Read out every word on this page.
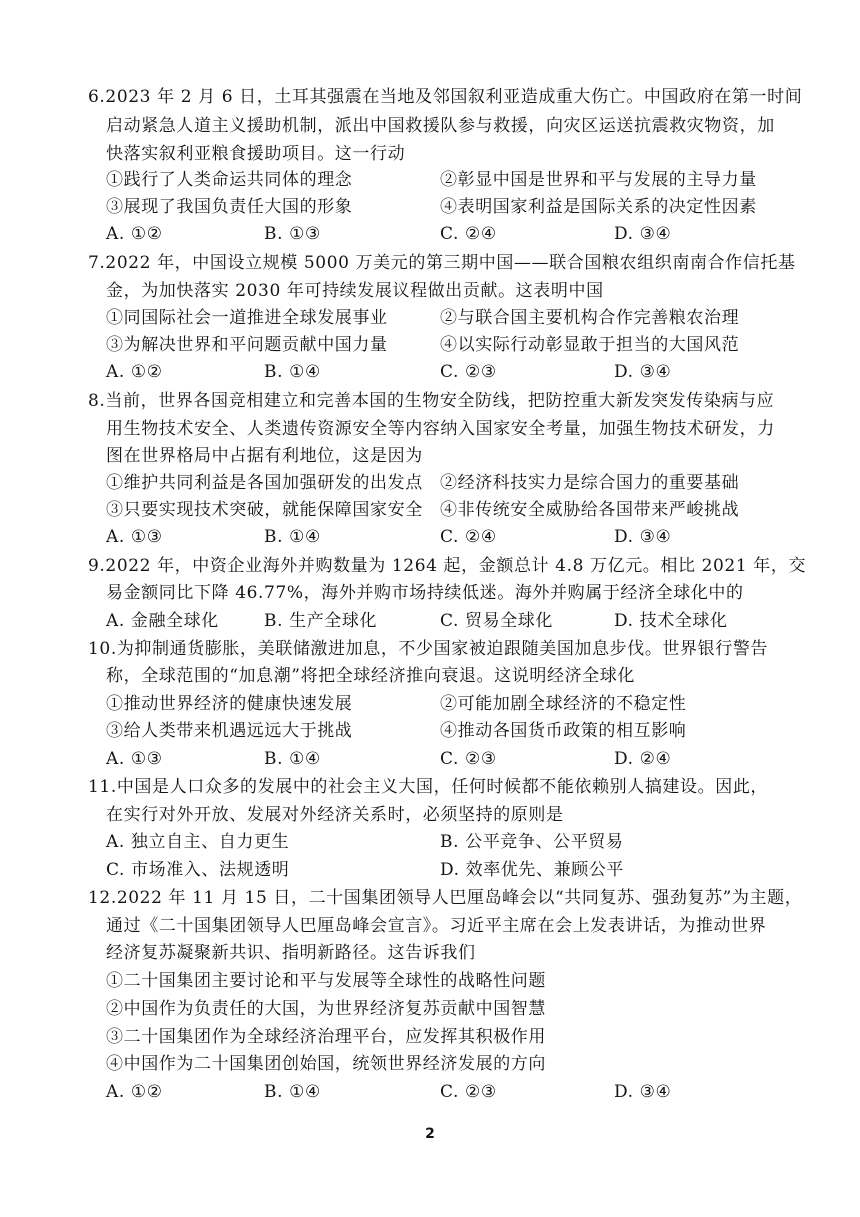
6.2023 年 2 月 6 日，土耳其强震在当地及邻国叙利亚造成重大伤亡。中国政府在第一时间
启动紧急人道主义援助机制，派出中国救援队参与救援，向灾区运送抗震救灾物资，加
快落实叙利亚粮食援助项目。这一行动
①践行了人类命运共同体的理念	②彰显中国是世界和平与发展的主导力量
③展现了我国负责任大国的形象	④表明国家利益是国际关系的决定性因素
A. ①②	B. ①③	C. ②④	D. ③④
7.2022 年，中国设立规模 5000 万美元的第三期中国——联合国粮农组织南南合作信托基
金，为加快落实 2030 年可持续发展议程做出贡献。这表明中国
①同国际社会一道推进全球发展事业	②与联合国主要机构合作完善粮农治理
③为解决世界和平问题贡献中国力量	④以实际行动彰显敢于担当的大国风范
A. ①②	B. ①④	C. ②③	D. ③④
8.当前，世界各国竞相建立和完善本国的生物安全防线，把防控重大新发突发传染病与应
用生物技术安全、人类遗传资源安全等内容纳入国家安全考量，加强生物技术研发，力
图在世界格局中占据有利地位，这是因为
①维护共同利益是各国加强研发的出发点 ②经济科技实力是综合国力的重要基础
③只要实现技术突破，就能保障国家安全 ④非传统安全威胁给各国带来严峻挑战
A. ①③	B. ①④	C. ②④	D. ③④
9.2022 年，中资企业海外并购数量为 1264 起，金额总计 4.8 万亿元。相比 2021 年，交
易金额同比下降 46.77%，海外并购市场持续低迷。海外并购属于经济全球化中的
A. 金融全球化	B. 生产全球化	C. 贸易全球化	D. 技术全球化
10.为抑制通货膨胀，美联储激进加息，不少国家被迫跟随美国加息步伐。世界银行警告
称，全球范围的“加息潮”将把全球经济推向衰退。这说明经济全球化
①推动世界经济的健康快速发展	②可能加剧全球经济的不稳定性
③给人类带来机遇远远大于挑战	④推动各国货币政策的相互影响
A. ①③	B. ①④	C. ②③	D. ②④
11.中国是人口众多的发展中的社会主义大国，任何时候都不能依赖别人搞建设。因此，
在实行对外开放、发展对外经济关系时，必须坚持的原则是
A. 独立自主、自力更生	B. 公平竞争、公平贸易
C. 市场准入、法规透明	D. 效率优先、兼顾公平
12.2022 年 11 月 15 日，二十国集团领导人巴厘岛峰会以“共同复苏、强劲复苏”为主题，
通过《二十国集团领导人巴厘岛峰会宣言》。习近平主席在会上发表讲话，为推动世界
经济复苏凝聚新共识、指明新路径。这告诉我们
①二十国集团主要讨论和平与发展等全球性的战略性问题
②中国作为负责任的大国，为世界经济复苏贡献中国智慧
③二十国集团作为全球经济治理平台，应发挥其积极作用
④中国作为二十国集团创始国，统领世界经济发展的方向
A. ①②	B. ①④	C. ②③	D. ③④
2
